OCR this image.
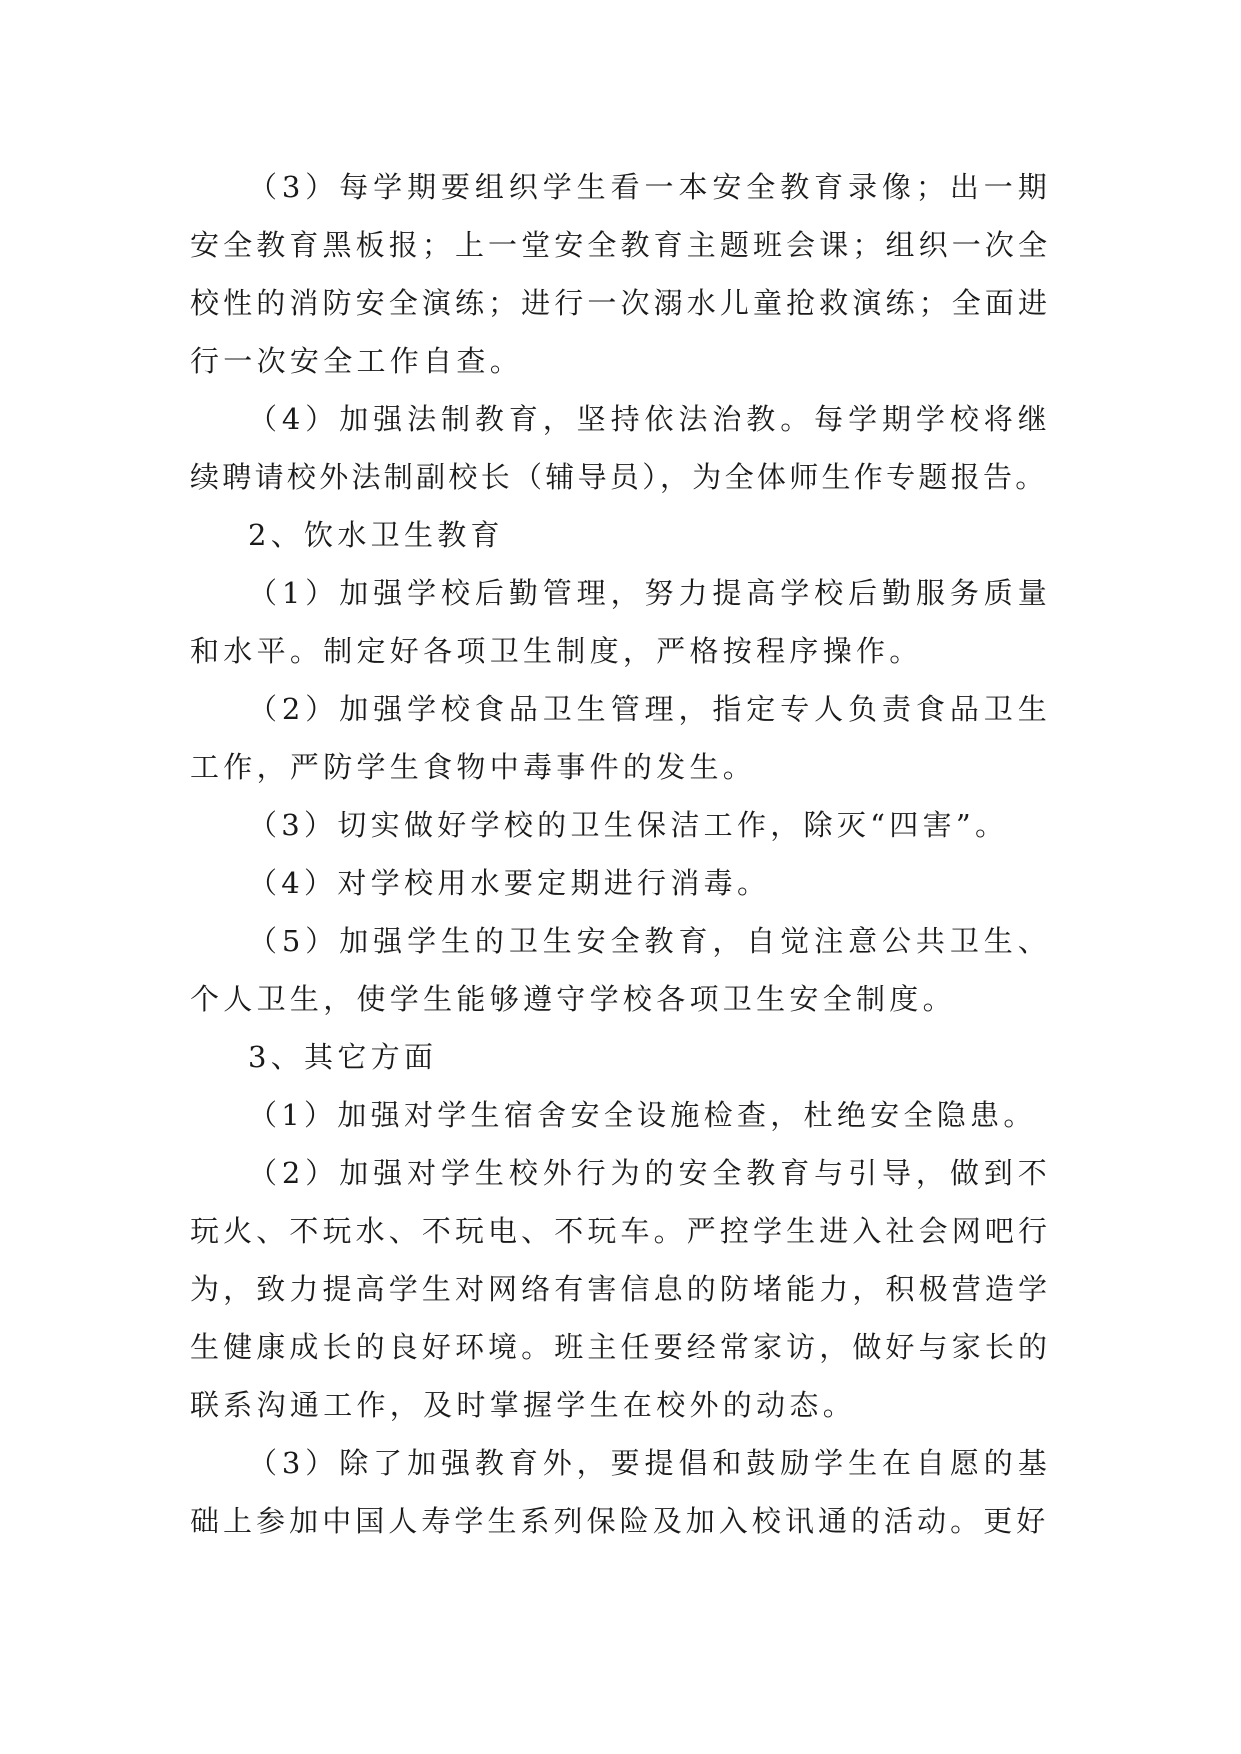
（3）每学期要组织学生看一本安全教育录像；出一期
安全教育黑板报；上一堂安全教育主题班会课；组织一次全
校性的消防安全演练；进行一次溺水儿童抢救演练；全面进
行一次安全工作自查。
（4）加强法制教育，坚持依法治教。每学期学校将继
续聘请校外法制副校长（辅导员），为全体师生作专题报告。
2、饮水卫生教育
（1）加强学校后勤管理，努力提高学校后勤服务质量
和水平。制定好各项卫生制度，严格按程序操作。
（2）加强学校食品卫生管理，指定专人负责食品卫生
工作，严防学生食物中毒事件的发生。
（3）切实做好学校的卫生保洁工作，除灭“四害”。
（4）对学校用水要定期进行消毒。
（5）加强学生的卫生安全教育，自觉注意公共卫生、
个人卫生，使学生能够遵守学校各项卫生安全制度。
3、其它方面
（1）加强对学生宿舍安全设施检查，杜绝安全隐患。
（2）加强对学生校外行为的安全教育与引导，做到不
玩火、不玩水、不玩电、不玩车。严控学生进入社会网吧行
为，致力提高学生对网络有害信息的防堵能力，积极营造学
生健康成长的良好环境。班主任要经常家访，做好与家长的
联系沟通工作，及时掌握学生在校外的动态。
（3）除了加强教育外，要提倡和鼓励学生在自愿的基
础上参加中国人寿学生系列保险及加入校讯通的活动。更好
